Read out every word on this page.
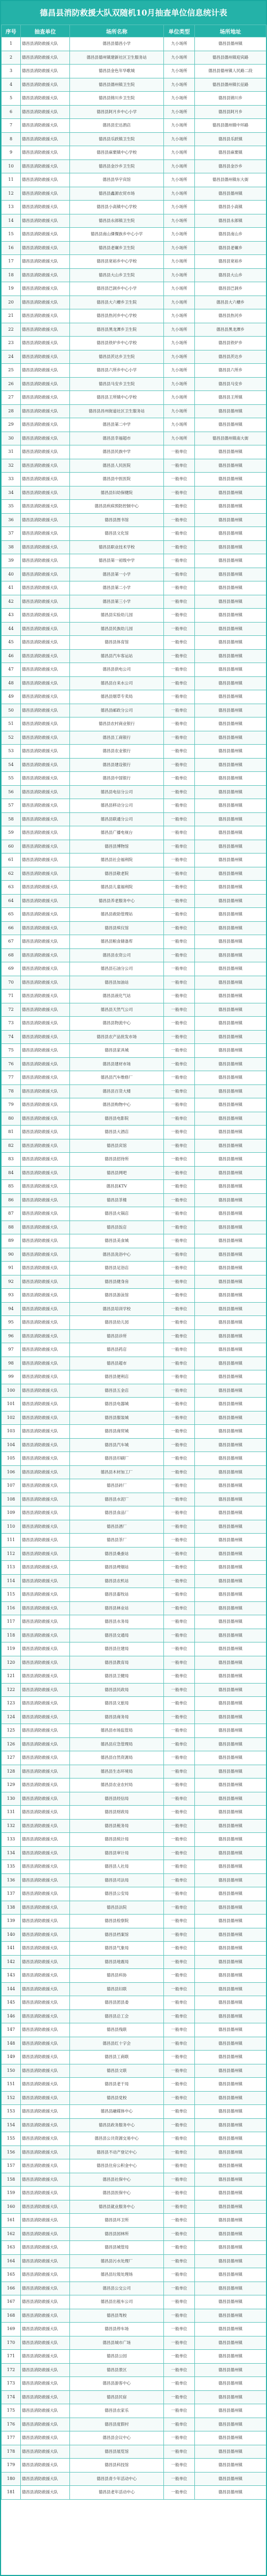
德昌县消防救援大队双随机10月抽查单位信息统计表
序号	抽查单位	场所名称	单位类型	场所地址
1	德昌县消防救援大队	德昌县德昌小学	九小场所	德昌县德州镇
2	德昌县消防救援大队	德昌县德州镇建新社区卫生服务站	九小场所	德昌县德州镇迎宾路
3	德昌县消防救援大队	德昌县金色年华歌城	九小场所	德昌县德州镇人民路二段
4	德昌县消防救援大队	德昌县德州镇卫生院	九小场所	德昌县德州镇长征路
5	德昌县消防救援大队	德昌县锦川乡卫生院	九小场所	德昌县锦川乡
6	德昌县消防救援大队	德昌县阿月乡中心小学	九小场所	德昌县阿月乡
7	德昌县消防救援大队	德昌县宏达酒店	九小场所	德昌县德州镇中环路
8	德昌县消防救援大队	德昌县乐跃镇卫生院	九小场所	德昌县乐跃镇
9	德昌县消防救援大队	德昌县麻栗镇中心学校	九小场所	德昌县麻栗镇
10	德昌县消防救援大队	德昌县金沙乡卫生院	九小场所	德昌县金沙乡
11	德昌县消防救援大队	德昌县华宇宾馆	九小场所	德昌县德州镇东大街
12	德昌县消防救援大队	德昌县鑫源农贸市场	九小场所	德昌县德州镇
13	德昌县消防救援大队	德昌县小高镇中心学校	九小场所	德昌县小高镇
14	德昌县消防救援大队	德昌县永郎镇卫生院	九小场所	德昌县永郎镇
15	德昌县消防救援大队	德昌县南山傈僳族乡中心小学	九小场所	德昌县南山乡
16	德昌县消防救援大队	德昌县老碾乡卫生院	九小场所	德昌县老碾乡
17	德昌县消防救援大队	德昌县宽裕乡中心学校	九小场所	德昌县宽裕乡
18	德昌县消防救援大队	德昌县大山乡卫生院	九小场所	德昌县大山乡
19	德昌县消防救援大队	德昌县巴洞乡中心小学	九小场所	德昌县巴洞乡
20	德昌县消防救援大队	德昌县大六槽乡卫生院	九小场所	德昌县大六槽乡
21	德昌县消防救援大队	德昌县热河乡中心学校	九小场所	德昌县热河乡
22	德昌县消防救援大队	德昌县黑龙潭乡卫生院	九小场所	德昌县黑龙潭乡
23	德昌县消防救援大队	德昌县铁炉乡中心学校	九小场所	德昌县铁炉乡
24	德昌县消防救援大队	德昌县茨达乡卫生院	九小场所	德昌县茨达乡
25	德昌县消防救援大队	德昌县六所乡中心小学	九小场所	德昌县六所乡
26	德昌县消防救援大队	德昌县马安乡卫生院	九小场所	德昌县马安乡
27	德昌县消防救援大队	德昌县王所镇中心学校	九小场所	德昌县王所镇
28	德昌县消防救援大队	德昌县昌州街道社区卫生服务站	九小场所	德昌县德州镇
29	德昌县消防救援大队	德昌县第二中学	九小场所	德昌县德州镇
30	德昌县消防救援大队	德昌县幸福超市	九小场所	德昌县德州镇南大街
31	德昌县消防救援大队	德昌县民族中学	一般单位	德昌县德州镇
32	德昌县消防救援大队	德昌县人民医院	一般单位	德昌县德州镇
33	德昌县消防救援大队	德昌县中医医院	一般单位	德昌县德州镇
34	德昌县消防救援大队	德昌县妇幼保健院	一般单位	德昌县德州镇
35	德昌县消防救援大队	德昌县疾病预防控制中心	一般单位	德昌县德州镇
36	德昌县消防救援大队	德昌县图书馆	一般单位	德昌县德州镇
37	德昌县消防救援大队	德昌县文化馆	一般单位	德昌县德州镇
38	德昌县消防救援大队	德昌县职业技术学校	一般单位	德昌县德州镇
39	德昌县消防救援大队	德昌县第一初级中学	一般单位	德昌县德州镇
40	德昌县消防救援大队	德昌县第一小学	一般单位	德昌县德州镇
41	德昌县消防救援大队	德昌县第二小学	一般单位	德昌县德州镇
42	德昌县消防救援大队	德昌县第三小学	一般单位	德昌县德州镇
43	德昌县消防救援大队	德昌县实验幼儿园	一般单位	德昌县德州镇
44	德昌县消防救援大队	德昌县民族幼儿园	一般单位	德昌县德州镇
45	德昌县消防救援大队	德昌县体育馆	一般单位	德昌县德州镇
46	德昌县消防救援大队	德昌县汽车客运站	一般单位	德昌县德州镇
47	德昌县消防救援大队	德昌县供电公司	一般单位	德昌县德州镇
48	德昌县消防救援大队	德昌县自来水公司	一般单位	德昌县德州镇
49	德昌县消防救援大队	德昌县烟草专卖局	一般单位	德昌县德州镇
50	德昌县消防救援大队	德昌县邮政分公司	一般单位	德昌县德州镇
51	德昌县消防救援大队	德昌县农村商业银行	一般单位	德昌县德州镇
52	德昌县消防救援大队	德昌县工商银行	一般单位	德昌县德州镇
53	德昌县消防救援大队	德昌县农业银行	一般单位	德昌县德州镇
54	德昌县消防救援大队	德昌县建设银行	一般单位	德昌县德州镇
55	德昌县消防救援大队	德昌县中国银行	一般单位	德昌县德州镇
56	德昌县消防救援大队	德昌县电信分公司	一般单位	德昌县德州镇
57	德昌县消防救援大队	德昌县移动分公司	一般单位	德昌县德州镇
58	德昌县消防救援大队	德昌县联通分公司	一般单位	德昌县德州镇
59	德昌县消防救援大队	德昌县广播电视台	一般单位	德昌县德州镇
60	德昌县消防救援大队	德昌县博物馆	一般单位	德昌县德州镇
61	德昌县消防救援大队	德昌县社会福利院	一般单位	德昌县德州镇
62	德昌县消防救援大队	德昌县敬老院	一般单位	德昌县德州镇
63	德昌县消防救援大队	德昌县儿童福利院	一般单位	德昌县德州镇
64	德昌县消防救援大队	德昌县养老服务中心	一般单位	德昌县德州镇
65	德昌县消防救援大队	德昌县救助管理站	一般单位	德昌县德州镇
66	德昌县消防救援大队	德昌县殡仪馆	一般单位	德昌县德州镇
67	德昌县消防救援大队	德昌县粮食储备库	一般单位	德昌县德州镇
68	德昌县消防救援大队	德昌县农资公司	一般单位	德昌县德州镇
69	德昌县消防救援大队	德昌县石油分公司	一般单位	德昌县德州镇
70	德昌县消防救援大队	德昌县加油站	一般单位	德昌县德州镇
71	德昌县消防救援大队	德昌县液化气站	一般单位	德昌县德州镇
72	德昌县消防救援大队	德昌县天然气公司	一般单位	德昌县德州镇
73	德昌县消防救援大队	德昌县物流中心	一般单位	德昌县德州镇
74	德昌县消防救援大队	德昌县农产品批发市场	一般单位	德昌县德州镇
75	德昌县消防救援大队	德昌县家具城	一般单位	德昌县德州镇
76	德昌县消防救援大队	德昌县建材市场	一般单位	德昌县德州镇
77	德昌县消防救援大队	德昌县汽车维修厂	一般单位	德昌县德州镇
78	德昌县消防救援大队	德昌县百货大楼	一般单位	德昌县德州镇
79	德昌县消防救援大队	德昌县购物中心	一般单位	德昌县德州镇
80	德昌县消防救援大队	德昌县电影院	一般单位	德昌县德州镇
81	德昌县消防救援大队	德昌县大酒店	一般单位	德昌县德州镇
82	德昌县消防救援大队	德昌县宾馆	一般单位	德昌县德州镇
83	德昌县消防救援大队	德昌县招待所	一般单位	德昌县德州镇
84	德昌县消防救援大队	德昌县网吧	一般单位	德昌县德州镇
85	德昌县消防救援大队	德昌县KTV	一般单位	德昌县德州镇
86	德昌县消防救援大队	德昌县茶楼	一般单位	德昌县德州镇
87	德昌县消防救援大队	德昌县火锅店	一般单位	德昌县德州镇
88	德昌县消防救援大队	德昌县饭店	一般单位	德昌县德州镇
89	德昌县消防救援大队	德昌县美食城	一般单位	德昌县德州镇
90	德昌县消防救援大队	德昌县洗浴中心	一般单位	德昌县德州镇
91	德昌县消防救援大队	德昌县足浴店	一般单位	德昌县德州镇
92	德昌县消防救援大队	德昌县健身房	一般单位	德昌县德州镇
93	德昌县消防救援大队	德昌县游泳馆	一般单位	德昌县德州镇
94	德昌县消防救援大队	德昌县培训学校	一般单位	德昌县德州镇
95	德昌县消防救援大队	德昌县幼儿园	一般单位	德昌县德州镇
96	德昌县消防救援大队	德昌县诊所	一般单位	德昌县德州镇
97	德昌县消防救援大队	德昌县药店	一般单位	德昌县德州镇
98	德昌县消防救援大队	德昌县超市	一般单位	德昌县德州镇
99	德昌县消防救援大队	德昌县便利店	一般单位	德昌县德州镇
100	德昌县消防救援大队	德昌县五金店	一般单位	德昌县德州镇
101	德昌县消防救援大队	德昌县电器城	一般单位	德昌县德州镇
102	德昌县消防救援大队	德昌县服装城	一般单位	德昌县德州镇
103	德昌县消防救援大队	德昌县商贸城	一般单位	德昌县德州镇
104	德昌县消防救援大队	德昌县汽车城	一般单位	德昌县德州镇
105	德昌县消防救援大队	德昌县印刷厂	一般单位	德昌县德州镇
106	德昌县消防救援大队	德昌县木材加工厂	一般单位	德昌县德州镇
107	德昌县消防救援大队	德昌县砖厂	一般单位	德昌县德州镇
108	德昌县消防救援大队	德昌县水泥厂	一般单位	德昌县德州镇
109	德昌县消防救援大队	德昌县食品厂	一般单位	德昌县德州镇
110	德昌县消防救援大队	德昌县酒厂	一般单位	德昌县德州镇
111	德昌县消防救援大队	德昌县茶厂	一般单位	德昌县德州镇
112	德昌县消防救援大队	德昌县桑蚕站	一般单位	德昌县德州镇
113	德昌县消防救援大队	德昌县烤烟站	一般单位	德昌县德州镇
114	德昌县消防救援大队	德昌县农机站	一般单位	德昌县德州镇
115	德昌县消防救援大队	德昌县畜牧站	一般单位	德昌县德州镇
116	德昌县消防救援大队	德昌县林业站	一般单位	德昌县德州镇
117	德昌县消防救援大队	德昌县水务局	一般单位	德昌县德州镇
118	德昌县消防救援大队	德昌县交通局	一般单位	德昌县德州镇
119	德昌县消防救援大队	德昌县住建局	一般单位	德昌县德州镇
120	德昌县消防救援大队	德昌县教育局	一般单位	德昌县德州镇
121	德昌县消防救援大队	德昌县卫健局	一般单位	德昌县德州镇
122	德昌县消防救援大队	德昌县民政局	一般单位	德昌县德州镇
123	德昌县消防救援大队	德昌县文旅局	一般单位	德昌县德州镇
124	德昌县消防救援大队	德昌县商务局	一般单位	德昌县德州镇
125	德昌县消防救援大队	德昌县市场监管局	一般单位	德昌县德州镇
126	德昌县消防救援大队	德昌县应急管理局	一般单位	德昌县德州镇
127	德昌县消防救援大队	德昌县自然资源局	一般单位	德昌县德州镇
128	德昌县消防救援大队	德昌县生态环境局	一般单位	德昌县德州镇
129	德昌县消防救援大队	德昌县农业农村局	一般单位	德昌县德州镇
130	德昌县消防救援大队	德昌县经信局	一般单位	德昌县德州镇
131	德昌县消防救援大队	德昌县财政局	一般单位	德昌县德州镇
132	德昌县消防救援大队	德昌县税务局	一般单位	德昌县德州镇
133	德昌县消防救援大队	德昌县统计局	一般单位	德昌县德州镇
134	德昌县消防救援大队	德昌县审计局	一般单位	德昌县德州镇
135	德昌县消防救援大队	德昌县人社局	一般单位	德昌县德州镇
136	德昌县消防救援大队	德昌县司法局	一般单位	德昌县德州镇
137	德昌县消防救援大队	德昌县公安局	一般单位	德昌县德州镇
138	德昌县消防救援大队	德昌县法院	一般单位	德昌县德州镇
139	德昌县消防救援大队	德昌县检察院	一般单位	德昌县德州镇
140	德昌县消防救援大队	德昌县档案馆	一般单位	德昌县德州镇
141	德昌县消防救援大队	德昌县气象局	一般单位	德昌县德州镇
142	德昌县消防救援大队	德昌县地震局	一般单位	德昌县德州镇
143	德昌县消防救援大队	德昌县科协	一般单位	德昌县德州镇
144	德昌县消防救援大队	德昌县妇联	一般单位	德昌县德州镇
145	德昌县消防救援大队	德昌县团县委	一般单位	德昌县德州镇
146	德昌县消防救援大队	德昌县总工会	一般单位	德昌县德州镇
147	德昌县消防救援大队	德昌县残联	一般单位	德昌县德州镇
148	德昌县消防救援大队	德昌县红十字会	一般单位	德昌县德州镇
149	德昌县消防救援大队	德昌县工商联	一般单位	德昌县德州镇
150	德昌县消防救援大队	德昌县文联	一般单位	德昌县德州镇
151	德昌县消防救援大队	德昌县老干局	一般单位	德昌县德州镇
152	德昌县消防救援大队	德昌县党校	一般单位	德昌县德州镇
153	德昌县消防救援大队	德昌县融媒体中心	一般单位	德昌县德州镇
154	德昌县消防救援大队	德昌县政务服务中心	一般单位	德昌县德州镇
155	德昌县消防救援大队	德昌县公共资源交易中心	一般单位	德昌县德州镇
156	德昌县消防救援大队	德昌县不动产登记中心	一般单位	德昌县德州镇
157	德昌县消防救援大队	德昌县住房公积金中心	一般单位	德昌县德州镇
158	德昌县消防救援大队	德昌县社保中心	一般单位	德昌县德州镇
159	德昌县消防救援大队	德昌县医保中心	一般单位	德昌县德州镇
160	德昌县消防救援大队	德昌县就业服务中心	一般单位	德昌县德州镇
161	德昌县消防救援大队	德昌县环卫所	一般单位	德昌县德州镇
162	德昌县消防救援大队	德昌县园林所	一般单位	德昌县德州镇
163	德昌县消防救援大队	德昌县城管局	一般单位	德昌县德州镇
164	德昌县消防救援大队	德昌县污水处理厂	一般单位	德昌县德州镇
165	德昌县消防救援大队	德昌县垃圾处理场	一般单位	德昌县德州镇
166	德昌县消防救援大队	德昌县公交公司	一般单位	德昌县德州镇
167	德昌县消防救援大队	德昌县出租车公司	一般单位	德昌县德州镇
168	德昌县消防救援大队	德昌县驾校	一般单位	德昌县德州镇
169	德昌县消防救援大队	德昌县停车场	一般单位	德昌县德州镇
170	德昌县消防救援大队	德昌县城市广场	一般单位	德昌县德州镇
171	德昌县消防救援大队	德昌县公园	一般单位	德昌县德州镇
172	德昌县消防救援大队	德昌县景区	一般单位	德昌县德州镇
173	德昌县消防救援大队	德昌县游客中心	一般单位	德昌县德州镇
174	德昌县消防救援大队	德昌县民宿	一般单位	德昌县德州镇
175	德昌县消防救援大队	德昌县农家乐	一般单位	德昌县德州镇
176	德昌县消防救援大队	德昌县度假村	一般单位	德昌县德州镇
177	德昌县消防救援大队	德昌县会议中心	一般单位	德昌县德州镇
178	德昌县消防救援大队	德昌县展览馆	一般单位	德昌县德州镇
179	德昌县消防救援大队	德昌县科技馆	一般单位	德昌县德州镇
180	德昌县消防救援大队	德昌县青少年活动中心	一般单位	德昌县德州镇
181	德昌县消防救援大队	德昌县老年活动中心	一般单位	德昌县德州镇
